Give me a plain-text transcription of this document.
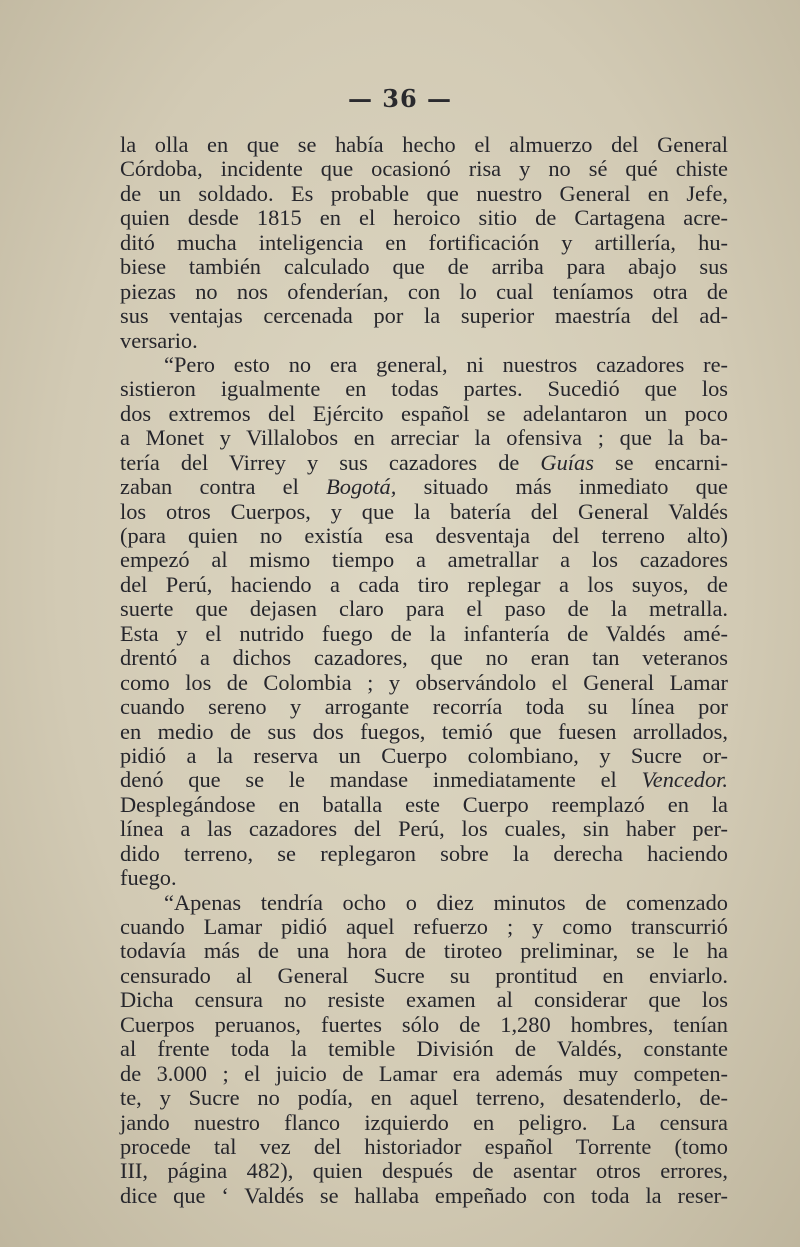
— 36 —
la olla en que se había hecho el almuerzo del General
Córdoba, incidente que ocasionó risa y no sé qué chiste
de un soldado. Es probable que nuestro General en Jefe,
quien desde 1815 en el heroico sitio de Cartagena acre-
ditó mucha inteligencia en fortificación y artillería, hu-
biese también calculado que de arriba para abajo sus
piezas no nos ofenderían, con lo cual teníamos otra de
sus ventajas cercenada por la superior maestría del ad-
versario.
“Pero esto no era general, ni nuestros cazadores re-
sistieron igualmente en todas partes. Sucedió que los
dos extremos del Ejército español se adelantaron un poco
a Monet y Villalobos en arreciar la ofensiva ; que la ba-
tería del Virrey y sus cazadores de Guías se encarni-
zaban contra el Bogotá, situado más inmediato que
los otros Cuerpos, y que la batería del General Valdés
(para quien no existía esa desventaja del terreno alto)
empezó al mismo tiempo a ametrallar a los cazadores
del Perú, haciendo a cada tiro replegar a los suyos, de
suerte que dejasen claro para el paso de la metralla.
Esta y el nutrido fuego de la infantería de Valdés amé-
drentó a dichos cazadores, que no eran tan veteranos
como los de Colombia ; y observándolo el General Lamar
cuando sereno y arrogante recorría toda su línea por
en medio de sus dos fuegos, temió que fuesen arrollados,
pidió a la reserva un Cuerpo colombiano, y Sucre or-
denó que se le mandase inmediatamente el Vencedor.
Desplegándose en batalla este Cuerpo reemplazó en la
línea a las cazadores del Perú, los cuales, sin haber per-
dido terreno, se replegaron sobre la derecha haciendo
fuego.
“Apenas tendría ocho o diez minutos de comenzado
cuando Lamar pidió aquel refuerzo ; y como transcurrió
todavía más de una hora de tiroteo preliminar, se le ha
censurado al General Sucre su prontitud en enviarlo.
Dicha censura no resiste examen al considerar que los
Cuerpos peruanos, fuertes sólo de 1,280 hombres, tenían
al frente toda la temible División de Valdés, constante
de 3.000 ; el juicio de Lamar era además muy competen-
te, y Sucre no podía, en aquel terreno, desatenderlo, de-
jando nuestro flanco izquierdo en peligro. La censura
procede tal vez del historiador español Torrente (tomo
III, página 482), quien después de asentar otros errores,
dice que ‘ Valdés se hallaba empeñado con toda la reser-
